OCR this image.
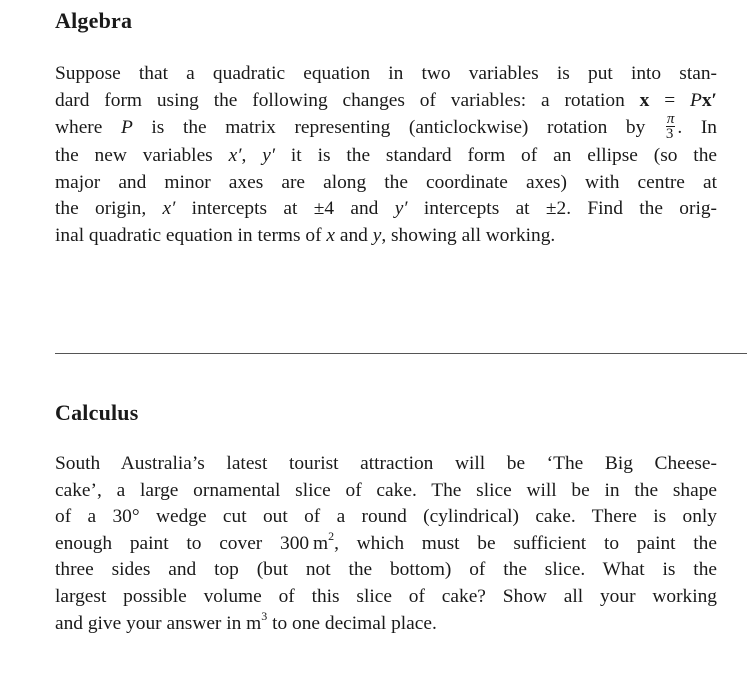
Algebra

Suppose that a quadratic equation in two variables is put into stan-
dard form using the following changes of variables: a rotation x = Px′
where P is the matrix representing (anticlockwise) rotation by $\frac{\pi}{3}$ . In
the new variables x′, y′ it is the standard form of an ellipse (so the
major and minor axes are along the coordinate axes) with centre at
the origin, x′ intercepts at ±4 and y′ intercepts at ±2. Find the orig-
inal quadratic equation in terms of x and y, showing all working.

Calculus

South Australia’s latest tourist attraction will be ‘The Big Cheese-
cake’, a large ornamental slice of cake. The slice will be in the shape
of a 30° wedge cut out of a round (cylindrical) cake. There is only
enough paint to cover 300 $m^2$, which must be sufficient to paint the
three sides and top (but not the bottom) of the slice. What is the
largest possible volume of this slice of cake? Show all your working
and give your answer in $m^3$ to one decimal place.
